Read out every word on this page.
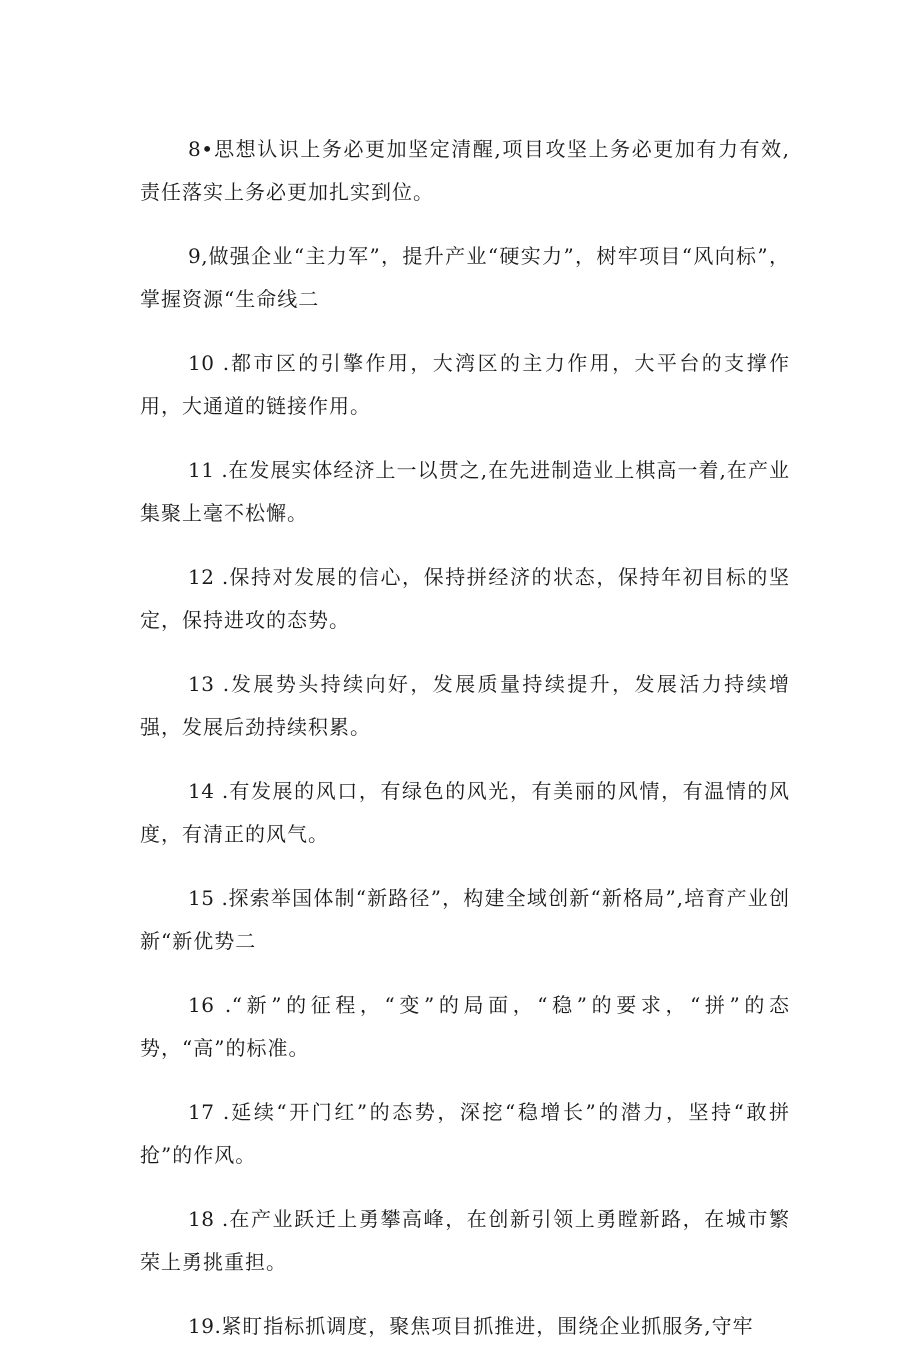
8•思想认识上务必更加坚定清醒,项目攻坚上务必更加有力有效,责任落实上务必更加扎实到位。

9,做强企业“主力军”，提升产业“硬实力”，树牢项目“风向标”，掌握资源“生命线二

10 .都市区的引擎作用，大湾区的主力作用，大平台的支撑作用，大通道的链接作用。

11 .在发展实体经济上一以贯之,在先进制造业上棋高一着,在产业集聚上毫不松懈。

12 .保持对发展的信心，保持拼经济的状态，保持年初目标的坚定，保持进攻的态势。

13 .发展势头持续向好，发展质量持续提升，发展活力持续增强，发展后劲持续积累。

14 .有发展的风口，有绿色的风光，有美丽的风情，有温情的风度，有清正的风气。

15 .探索举国体制“新路径”，构建全域创新“新格局”,培育产业创新“新优势二

16 .“新”的征程，“变”的局面，“稳”的要求，“拼”的态势，“高”的标准。

17 .延续“开门红”的态势，深挖“稳增长”的潜力，坚持“敢拼抢”的作风。

18 .在产业跃迁上勇攀高峰，在创新引领上勇瞠新路，在城市繁荣上勇挑重担。

19.紧盯指标抓调度，聚焦项目抓推进，围绕企业抓服务,守牢
